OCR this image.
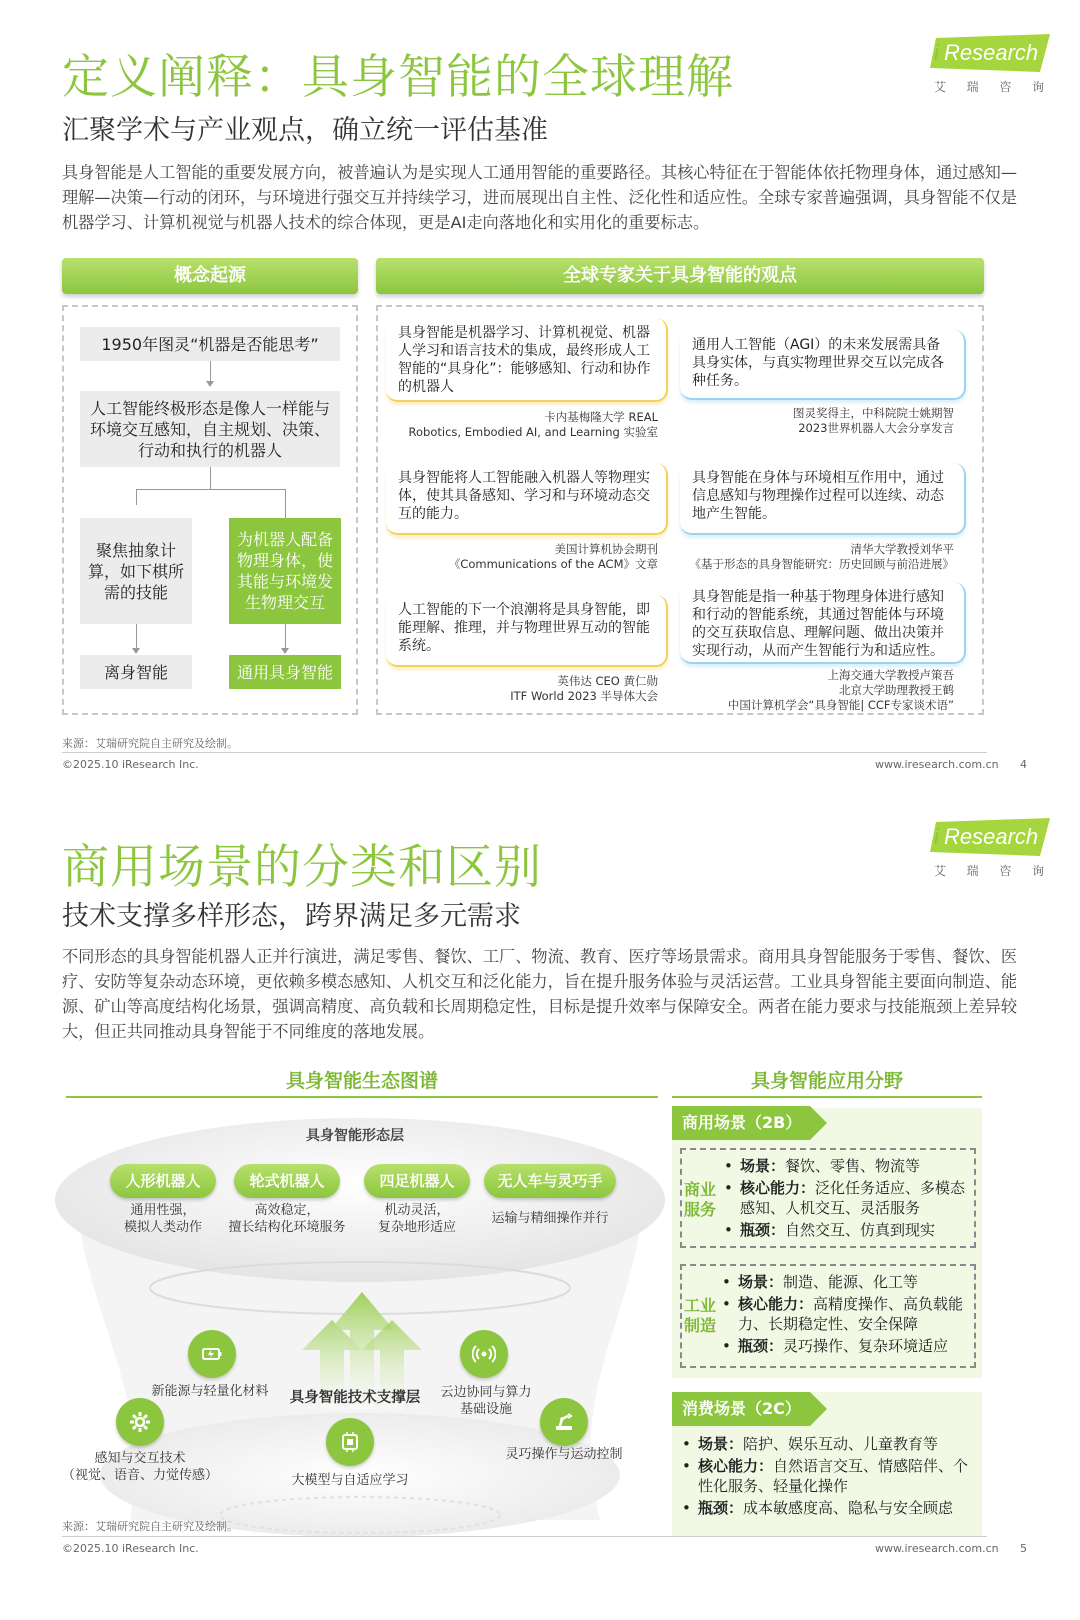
定义阐释：具身智能的全球理解
汇聚学术与产业观点，确立统一评估基准
i Research
艾 瑞 咨 询
具身智能是人工智能的重要发展方向，被普遍认为是实现人工通用智能的重要路径。其核心特征在于智能体依托物理身体，通过感知—理解—决策—行动的闭环，与环境进行强交互并持续学习，进而展现出自主性、泛化性和适应性。全球专家普遍强调，具身智能不仅是机器学习、计算机视觉与机器人技术的综合体现，更是AI走向落地化和实用化的重要标志。
概念起源	全球专家关于具身智能的观点
1950年图灵“机器是否能思考”
人工智能终极形态是像人一样能与环境交互感知，自主规划、决策、行动和执行的机器人
聚焦抽象计算，如下棋所需的技能
为机器人配备物理身体，使其能与环境发生物理交互
离身智能	通用具身智能
具身智能是机器学习、计算机视觉、机器人学习和语言技术的集成，最终形成人工智能的“具身化”：能够感知、行动和协作的机器人
卡内基梅隆大学 REAL
Robotics, Embodied AI, and Learning 实验室
通用人工智能（AGI）的未来发展需具备具身实体，与真实物理世界交互以完成各种任务。
图灵奖得主，中科院院士姚期智
2023世界机器人大会分享发言
具身智能将人工智能融入机器人等物理实体，使其具备感知、学习和与环境动态交互的能力。
美国计算机协会期刊
《Communications of the ACM》文章
具身智能在身体与环境相互作用中，通过信息感知与物理操作过程可以连续、动态地产生智能。
清华大学教授刘华平
《基于形态的具身智能研究：历史回顾与前沿进展》
人工智能的下一个浪潮将是具身智能，即能理解、推理，并与物理世界互动的智能系统。
英伟达 CEO 黄仁勋
ITF World 2023 半导体大会
具身智能是指一种基于物理身体进行感知和行动的智能系统，其通过智能体与环境的交互获取信息、理解问题、做出决策并实现行动，从而产生智能行为和适应性。
上海交通大学教授卢策吾
北京大学助理教授王鹤
中国计算机学会“具身智能| CCF专家谈术语”
来源：艾瑞研究院自主研究及绘制。
©2025.10 iResearch Inc.	www.iresearch.com.cn 4
商用场景的分类和区别
技术支撑多样形态，跨界满足多元需求
i Research
艾 瑞 咨 询
不同形态的具身智能机器人正并行演进，满足零售、餐饮、工厂、物流、教育、医疗等场景需求。商用具身智能服务于零售、餐饮、医疗、安防等复杂动态环境，更依赖多模态感知、人机交互和泛化能力，旨在提升服务体验与灵活运营。工业具身智能主要面向制造、能源、矿山等高度结构化场景，强调高精度、高负载和长周期稳定性，目标是提升效率与保障安全。两者在能力要求与技能瓶颈上差异较大，但正共同推动具身智能于不同维度的落地发展。
具身智能生态图谱	具身智能应用分野
具身智能形态层
人形机器人
通用性强，
模拟人类动作
轮式机器人
高效稳定，
擅长结构化环境服务
四足机器人
机动灵活，
复杂地形适应
无人车与灵巧手
运输与精细操作并行
新能源与轻量化材料	云边协同与算力
基础设施
具身智能技术支撑层
感知与交互技术
（视觉、语音、力觉传感）	大模型与自适应学习
灵巧操作与运动控制
商用场景（2B）
商业
服务
• 场景：餐饮、零售、物流等
• 核心能力：泛化任务适应、多模态感知、人机交互、灵活服务
• 瓶颈：自然交互、仿真到现实
工业
制造
• 场景：制造、能源、化工等
• 核心能力：高精度操作、高负载能力、长期稳定性、安全保障
• 瓶颈：灵巧操作、复杂环境适应
消费场景（2C）
• 场景：陪护、娱乐互动、儿童教育等
• 核心能力：自然语言交互、情感陪伴、个性化服务、轻量化操作
• 瓶颈：成本敏感度高、隐私与安全顾虑
来源：艾瑞研究院自主研究及绘制。
©2025.10 iResearch Inc.	www.iresearch.com.cn 5
